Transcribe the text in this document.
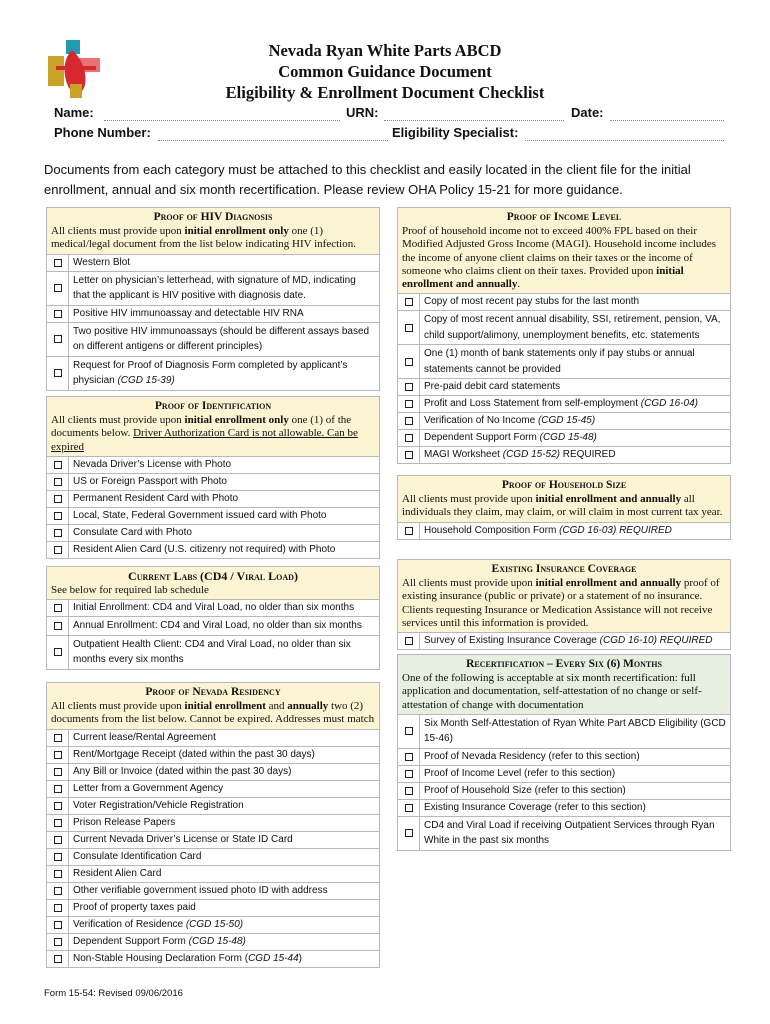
Nevada Ryan White Parts ABCD
Common Guidance Document
Eligibility & Enrollment Document Checklist
Name:	URN:	Date:
Phone Number:	Eligibility Specialist:
Documents from each category must be attached to this checklist and easily located in the client file for the initial enrollment, annual and six month recertification. Please review OHA Policy 15-21 for more guidance.
Proof of HIV Diagnosis
All clients must provide upon initial enrollment only one (1) medical/legal document from the list below indicating HIV infection.
Western Blot
Letter on physician’s letterhead, with signature of MD, indicating that the applicant is HIV positive with diagnosis date.
Positive HIV immunoassay and detectable HIV RNA
Two positive HIV immunoassays (should be different assays based on different antigens or different principles)
Request for Proof of Diagnosis Form completed by applicant’s physician (CGD 15-39)
Proof of Identification
All clients must provide upon initial enrollment only one (1) of the documents below. Driver Authorization Card is not allowable. Can be expired
Nevada Driver’s License with Photo
US or Foreign Passport with Photo
Permanent Resident Card with Photo
Local, State, Federal Government issued card with Photo
Consulate Card with Photo
Resident Alien Card (U.S. citizenry not required) with Photo
Current Labs (CD4 / Viral Load)
See below for required lab schedule
Initial Enrollment: CD4 and Viral Load, no older than six months
Annual Enrollment: CD4 and Viral Load, no older than six months
Outpatient Health Client: CD4 and Viral Load, no older than six months every six months
Proof of Nevada Residency
All clients must provide upon initial enrollment and annually two (2) documents from the list below. Cannot be expired. Addresses must match
Current lease/Rental Agreement
Rent/Mortgage Receipt (dated within the past 30 days)
Any Bill or Invoice (dated within the past 30 days)
Letter from a Government Agency
Voter Registration/Vehicle Registration
Prison Release Papers
Current Nevada Driver’s License or State ID Card
Consulate Identification Card
Resident Alien Card
Other verifiable government issued photo ID with address
Proof of property taxes paid
Verification of Residence (CGD 15-50)
Dependent Support Form (CGD 15-48)
Non-Stable Housing Declaration Form (CGD 15-44)
Proof of Income Level
Proof of household income not to exceed 400% FPL based on their Modified Adjusted Gross Income (MAGI). Household income includes the income of anyone client claims on their taxes or the income of someone who claims client on their taxes. Provided upon initial enrollment and annually.
Copy of most recent pay stubs for the last month
Copy of most recent annual disability, SSI, retirement, pension, VA, child support/alimony, unemployment benefits, etc. statements
One (1) month of bank statements only if pay stubs or annual statements cannot be provided
Pre-paid debit card statements
Profit and Loss Statement from self-employment (CGD 16-04)
Verification of No Income (CGD 15-45)
Dependent Support Form (CGD 15-48)
MAGI Worksheet (CGD 15-52) REQUIRED
Proof of Household Size
All clients must provide upon initial enrollment and annually all individuals they claim, may claim, or will claim in most current tax year.
Household Composition Form (CGD 16-03) REQUIRED
Existing Insurance Coverage
All clients must provide upon initial enrollment and annually proof of existing insurance (public or private) or a statement of no insurance. Clients requesting Insurance or Medication Assistance will not receive services until this information is provided.
Survey of Existing Insurance Coverage (CGD 16-10) REQUIRED
Recertification – Every Six (6) Months
One of the following is acceptable at six month recertification: full application and documentation, self-attestation of no change or self-attestation of change with documentation
Six Month Self-Attestation of Ryan White Part ABCD Eligibility (GCD 15-46)
Proof of Nevada Residency (refer to this section)
Proof of Income Level (refer to this section)
Proof of Household Size (refer to this section)
Existing Insurance Coverage (refer to this section)
CD4 and Viral Load if receiving Outpatient Services through Ryan White in the past six months
Form 15-54: Revised 09/06/2016
